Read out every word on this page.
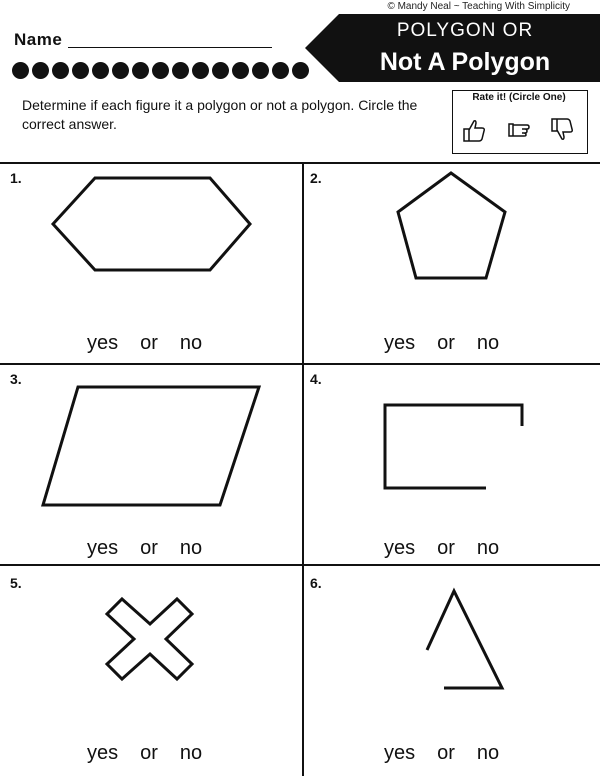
© Mandy Neal ~ Teaching With Simplicity
Name	POLYGON OR
Not A Polygon
Determine if each figure it a polygon or not a polygon. Circle the correct answer.
Rate it! (Circle One)
1.
yes or no
2.
yes or no
3.
yes or no
4.
yes or no
5.
yes or no
6.
yes or no
